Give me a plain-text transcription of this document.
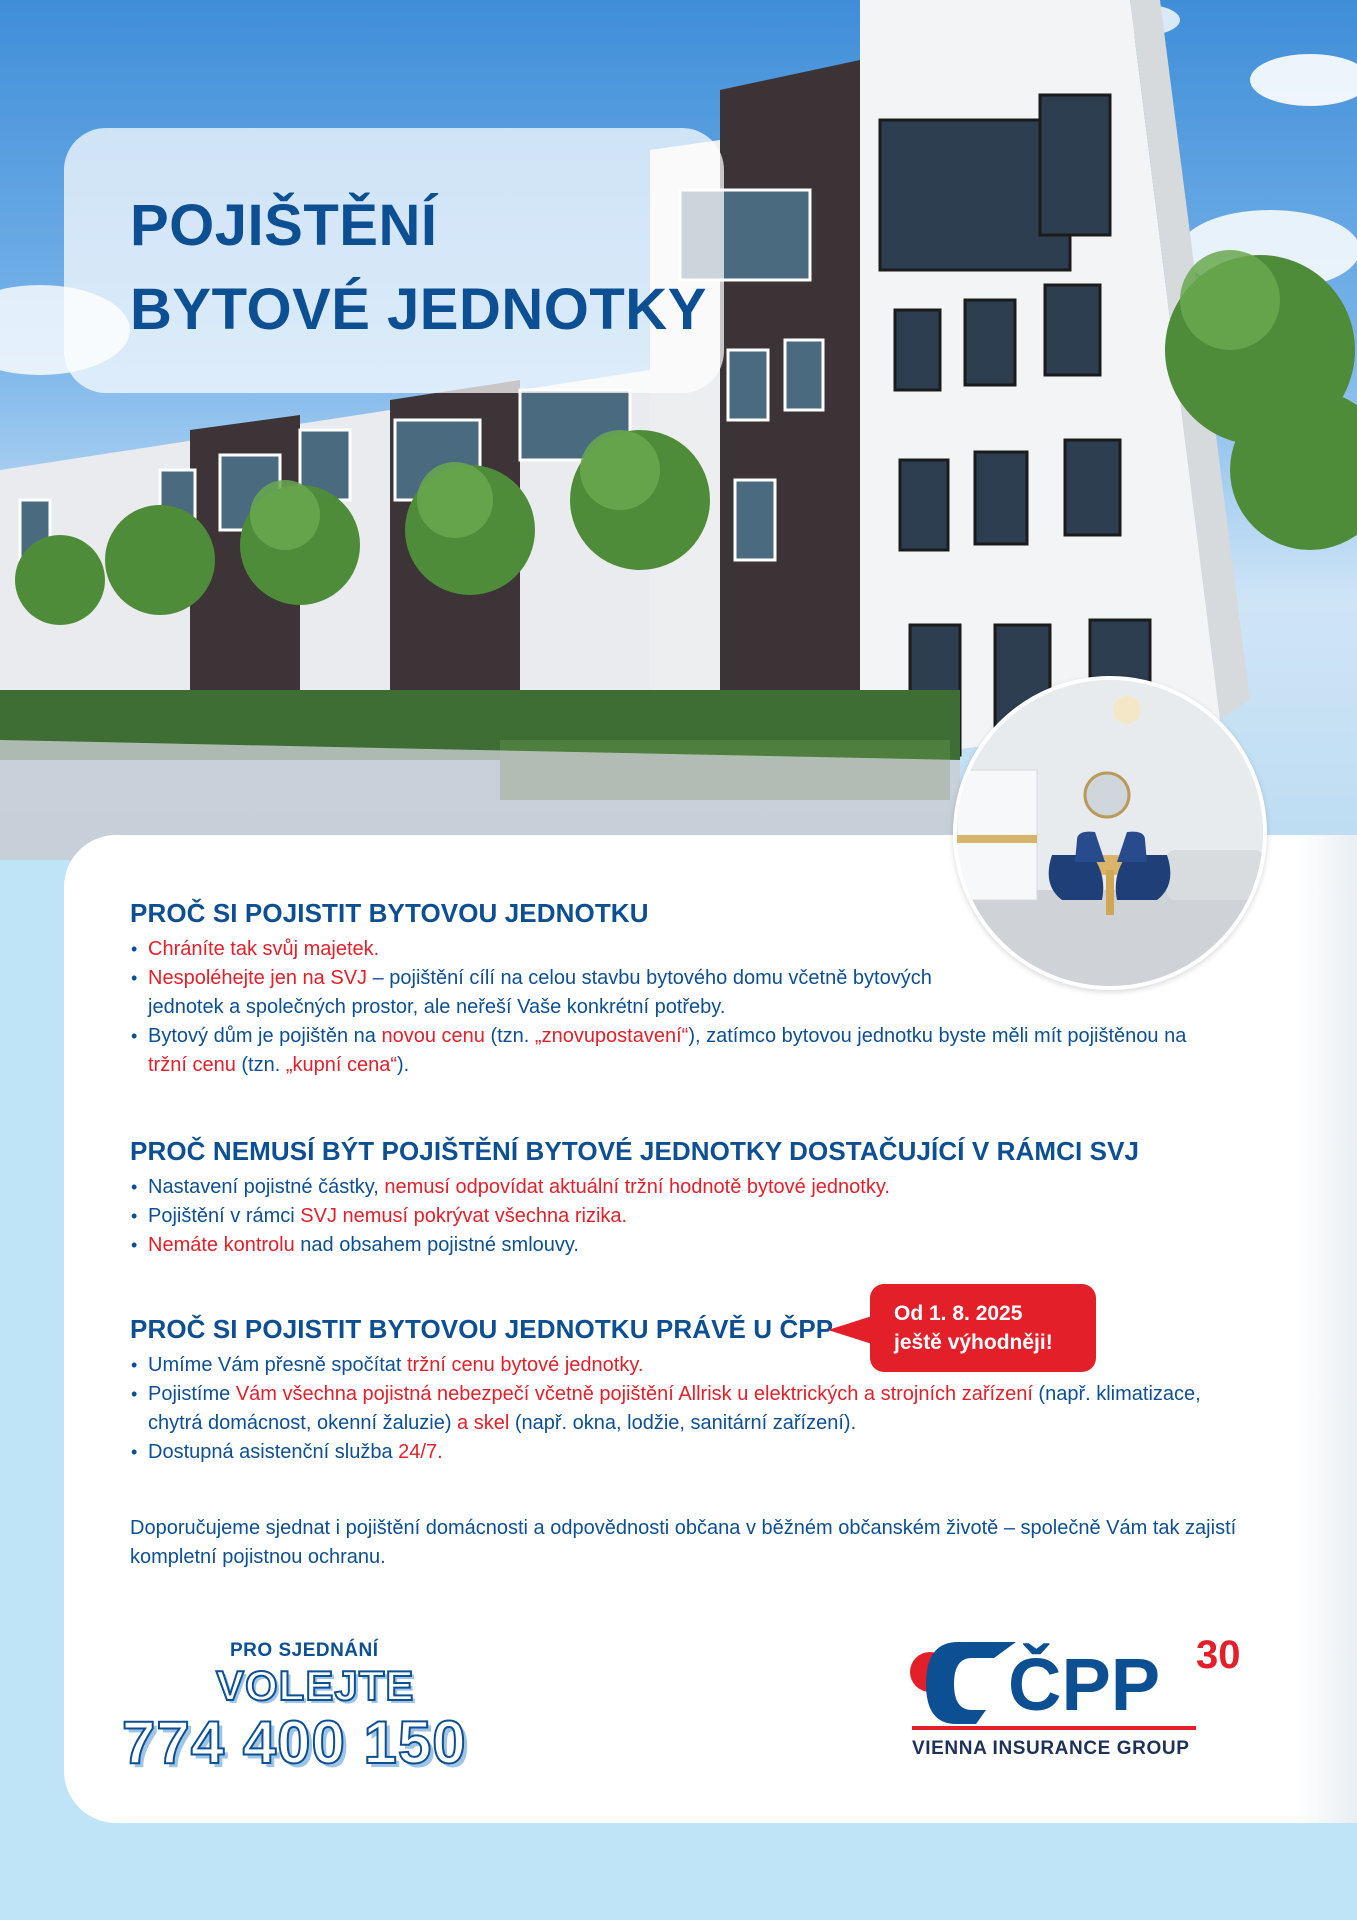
POJIŠTĚNÍ
BYTOVÉ JEDNOTKY
PROČ SI POJISTIT BYTOVOU JEDNOTKU
• Chráníte tak svůj majetek.
• Nespoléhejte jen na SVJ – pojištění cílí na celou stavbu bytového domu včetně bytových jednotek a společných prostor, ale neřeší Vaše konkrétní potřeby.
• Bytový dům je pojištěn na novou cenu (tzn. „znovupostavení“), zatímco bytovou jednotku byste měli mít pojištěnou na tržní cenu (tzn. „kupní cena“).
PROČ NEMUSÍ BÝT POJIŠTĚNÍ BYTOVÉ JEDNOTKY DOSTAČUJÍCÍ V RÁMCI SVJ
• Nastavení pojistné částky, nemusí odpovídat aktuální tržní hodnotě bytové jednotky.
• Pojištění v rámci SVJ nemusí pokrývat všechna rizika.
• Nemáte kontrolu nad obsahem pojistné smlouvy.
PROČ SI POJISTIT BYTOVOU JEDNOTKU PRÁVĚ U ČPP
• Umíme Vám přesně spočítat tržní cenu bytové jednotky.
• Pojistíme Vám všechna pojistná nebezpečí včetně pojištění Allrisk u elektrických a strojních zařízení (např. klimatizace, chytrá domácnost, okenní žaluzie) a skel (např. okna, lodžie, sanitární zařízení).
• Dostupná asistenční služba 24/7.
Od 1. 8. 2025
ještě výhodněji!

Doporučujeme sjednat i pojištění domácnosti a odpovědnosti občana v běžném občanském životě – společně Vám tak zajistí kompletní pojistnou ochranu.

PRO SJEDNÁNÍ
VOLEJTE
774 400 150
ČPP 30
VIENNA INSURANCE GROUP
